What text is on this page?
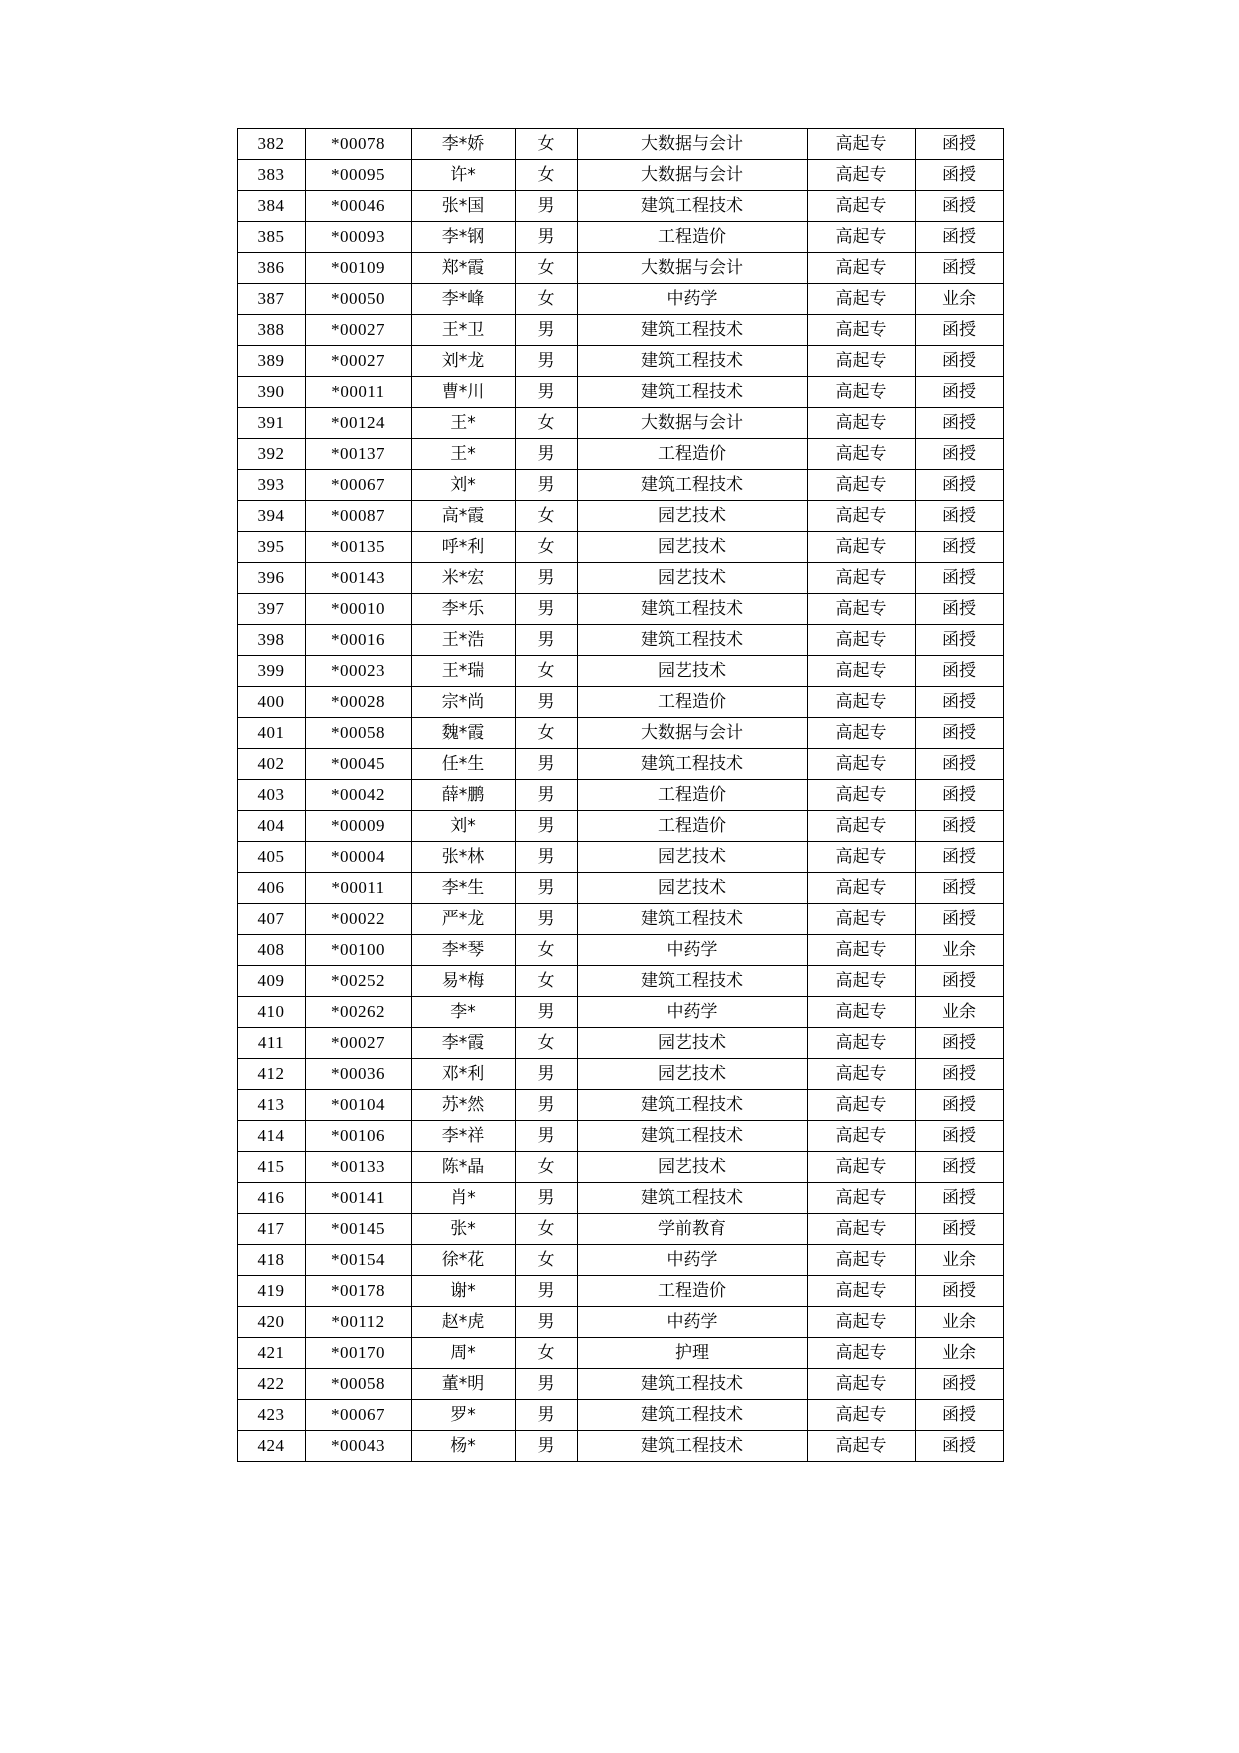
382	*00078	李*娇	女	大数据与会计	高起专	函授
383	*00095	许*	女	大数据与会计	高起专	函授
384	*00046	张*国	男	建筑工程技术	高起专	函授
385	*00093	李*钢	男	工程造价	高起专	函授
386	*00109	郑*霞	女	大数据与会计	高起专	函授
387	*00050	李*峰	女	中药学	高起专	业余
388	*00027	王*卫	男	建筑工程技术	高起专	函授
389	*00027	刘*龙	男	建筑工程技术	高起专	函授
390	*00011	曹*川	男	建筑工程技术	高起专	函授
391	*00124	王*	女	大数据与会计	高起专	函授
392	*00137	王*	男	工程造价	高起专	函授
393	*00067	刘*	男	建筑工程技术	高起专	函授
394	*00087	高*霞	女	园艺技术	高起专	函授
395	*00135	呼*利	女	园艺技术	高起专	函授
396	*00143	米*宏	男	园艺技术	高起专	函授
397	*00010	李*乐	男	建筑工程技术	高起专	函授
398	*00016	王*浩	男	建筑工程技术	高起专	函授
399	*00023	王*瑞	女	园艺技术	高起专	函授
400	*00028	宗*尚	男	工程造价	高起专	函授
401	*00058	魏*霞	女	大数据与会计	高起专	函授
402	*00045	任*生	男	建筑工程技术	高起专	函授
403	*00042	薛*鹏	男	工程造价	高起专	函授
404	*00009	刘*	男	工程造价	高起专	函授
405	*00004	张*林	男	园艺技术	高起专	函授
406	*00011	李*生	男	园艺技术	高起专	函授
407	*00022	严*龙	男	建筑工程技术	高起专	函授
408	*00100	李*琴	女	中药学	高起专	业余
409	*00252	易*梅	女	建筑工程技术	高起专	函授
410	*00262	李*	男	中药学	高起专	业余
411	*00027	李*霞	女	园艺技术	高起专	函授
412	*00036	邓*利	男	园艺技术	高起专	函授
413	*00104	苏*然	男	建筑工程技术	高起专	函授
414	*00106	李*祥	男	建筑工程技术	高起专	函授
415	*00133	陈*晶	女	园艺技术	高起专	函授
416	*00141	肖*	男	建筑工程技术	高起专	函授
417	*00145	张*	女	学前教育	高起专	函授
418	*00154	徐*花	女	中药学	高起专	业余
419	*00178	谢*	男	工程造价	高起专	函授
420	*00112	赵*虎	男	中药学	高起专	业余
421	*00170	周*	女	护理	高起专	业余
422	*00058	董*明	男	建筑工程技术	高起专	函授
423	*00067	罗*	男	建筑工程技术	高起专	函授
424	*00043	杨*	男	建筑工程技术	高起专	函授
